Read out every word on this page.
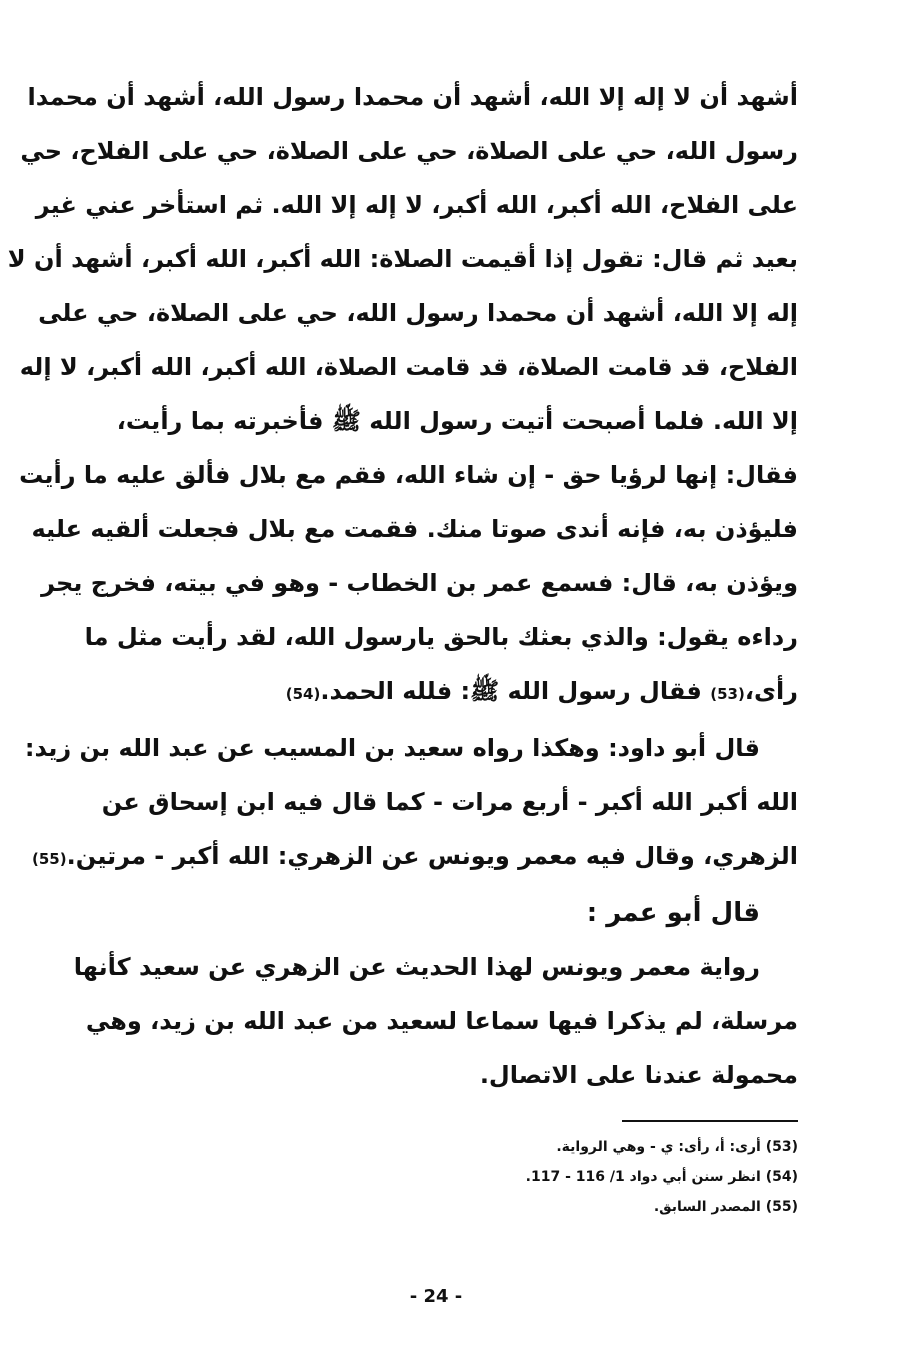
أشهد أن لا إله إلا الله، أشهد أن محمدا رسول الله، أشهد أن محمدا
رسول الله، حي على الصلاة، حي على الصلاة، حي على الفلاح، حي
على الفلاح، الله أكبر، الله أكبر، لا إله إلا الله. ثم استأخر عني غير
بعيد ثم قال: تقول إذا أقيمت الصلاة: الله أكبر، الله أكبر، أشهد أن لا
إله إلا الله، أشهد أن محمدا رسول الله، حي على الصلاة، حي على
الفلاح، قد قامت الصلاة، قد قامت الصلاة، الله أكبر، الله أكبر، لا إله
إلا الله. فلما أصبحت أتيت رسول الله ﷺ فأخبرته بما رأيت،
فقال: إنها لرؤيا حق - إن شاء الله، فقم مع بلال فألق عليه ما رأيت
فليؤذن به، فإنه أندى صوتا منك. فقمت مع بلال فجعلت ألقيه عليه
ويؤذن به، قال: فسمع عمر بن الخطاب - وهو في بيته، فخرج يجر
رداءه يقول: والذي بعثك بالحق يارسول الله، لقد رأيت مثل ما
رأى،(53) فقال رسول الله ﷺ: فلله الحمد.(54)

قال أبو داود: وهكذا رواه سعيد بن المسيب عن عبد الله بن زيد:
الله أكبر الله أكبر - أربع مرات - كما قال فيه ابن إسحاق عن
الزهري، وقال فيه معمر ويونس عن الزهري: الله أكبر - مرتين.(55)

قال أبو عمر :

رواية معمر ويونس لهذا الحديث عن الزهري عن سعيد كأنها
مرسلة، لم يذكرا فيها سماعا لسعيد من عبد الله بن زيد، وهي
محمولة عندنا على الاتصال.

(53) أرى: أ، رأى: ي - وهي الرواية.

(54) انظر سنن أبي دواد 1/ 116 - 117.

(55) المصدر السابق.

- 24 -
